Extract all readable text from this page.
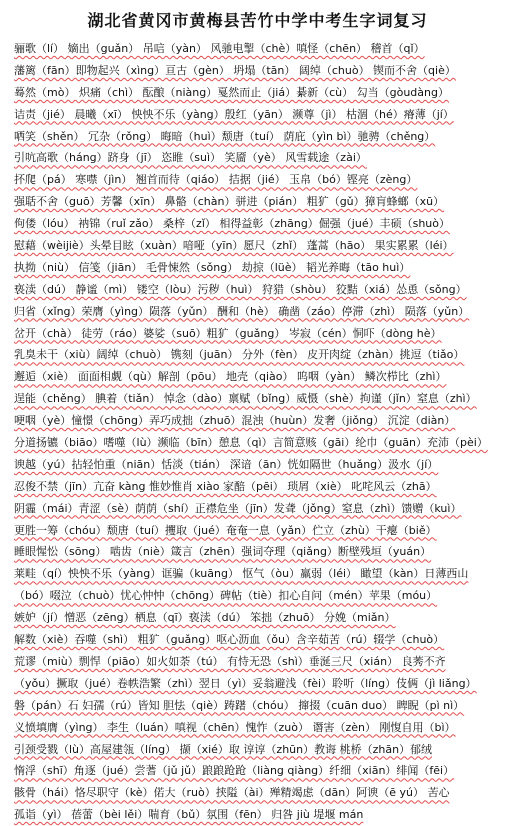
湖北省黄冈市黄梅县苦竹中学中考生字词复习
骊歌（lí） 嫡出（guǎn） 吊唁（yàn） 风驰电掣（chè）嗔怪（chēn） 稽首（qǐ）
藩篱（fān）即物起兴（xìng）亘古（gèn） 坍塌（tān） 阔绰（chuò） 锲而不舍（qiè）
蓦然（mò） 炽痛（chì） 酝酿（niàng）戛然而止（jiá）綦新（cù） 勾当（gòudàng）
诘责（jié） 晨曦（xī） 怏怏不乐（yàng）殷红（yān） 濒尊（jì） 枯涸（hé）瘠薄（jí）
哂笑（shěn） 冗杂（rǒng） 晦暗（huì）颓唐（tuí） 荫庇（yìn bì）驰骋（chěng）
引吭高歌（háng）跻身（jī） 恣睢（suì） 笑靥（yè） 风雪载途（zài）
抔爬（pá） 寒噤（jìn） 翘首而待（qiáo） 拮据（jié） 玉帛（bó）铿亮（zèng）
强聒不舍（guō）芳馨（xīn） 鼻骼（chàn）骈进（pián） 粗犷（gǔ）獐肓蜂螂（xū）
佝偻（lóu） 衲锦（ruǐ zǎo） 桑梓（zǐ） 相得益彰（zhāng）倔强（jué）丰硕（shuò）
慰藉（wèijiè）头晕目眩（xuàn）喑哑（yīn）愿尺（zhǐ） 蓬蒿（hāo） 果实累累（léi）
执拗（niù） 信笺（jiān） 毛骨悚然（sǒng） 劫掠（lüè） 韬光养晦（tāo huì）
亵渎（dú） 静谧（mì） 镂空（lòu）污秽（huì） 狩猎（shòu） 狡黠（xiá）怂恿（sǒng）
归省（xǐng）荣膺（yìng）陨落（yǔn） 酬和（hè） 确凿（záo）停滞（zhì） 陨落（yǔn）
岔开（chà） 徒劳（ráo）婆娑（suō）粗犷（guǎng） 岑寂（cén）恫吓（dòng hè）
乳臭未干（xiù）阔绰（chuò） 镌刻（juān） 分外（fèn） 皮开肉绽（zhàn）挑逗（tiǎo）
邂逅（xiè） 面面相觑（qù）解剖（pōu） 地壳（qiào） 呜咽（yàn） 鳞次栉比（zhì）
逞能（chěng） 腆着（tiǎn） 悼念（dào）禀赋（bǐng）威慑（shè）拘谨（jǐn）窒息（zhì）
哽咽（yè）憧憬（chōng）弄巧成拙（zhuō）混浊（huùn）发奢（jiǒng） 沉淀（diàn）
分道扬镳（biāo）嗜噬（lù）濒临（bīn）憩息（qì）言简意赅（gāi）纶巾（guān）充沛（pèi）
谀越（yú）拈轻怕重（niān）恬淡（tián） 深谙（ān）恍如隔世（huǎng）汲水（jí）
忍俊不禁（jīn）亢奋 kàng 惟妙惟肖 xiào 家醅（pēi） 琐屑（xiè） 叱咤风云（zhā）
阴霾（mái）青涩（sè）荫荫（shí）正襟危坐（jīn）发聋（jǒng）窒息（zhì）馈赠（kuì）
更胜一筹（chóu）颓唐（tuí）攫取（jué）奄奄一息（yǎn）伫立（zhù）干瘪（biě）
睡眼惺忪（sōng） 啮齿（niè）箴言（zhēn）强词夺理（qiǎng）断壁残垣（yuán）
莱畦（qí）怏怏不乐（yàng）诓骗（kuāng） 怄气（òu）羸弱（léi） 瞰望（kàn）日薄西山
（bó）啜泣（chuò）忧心忡忡（chōng）碑帖（tiè）扣心自问（mén）苹果（móu）
嫉妒（jí）憎恶（zēng）栖息（qī）亵渎（dú） 笨拙（zhuō） 分娩（miǎn）
解数（xiè）吞噬（shì） 粗犷（guǎng）呕心沥血（ǒu）含辛茹苦（rú）辍学（chuò）
荒谬（miù）剽悍（piāo）如火如荼（tú） 有恃无恐（shì）垂涎三尺（xián） 良莠不齐
（yǒu）撅取（jué）卷帙浩繁（zhì）翌日（yì）妥翁避浅（fèi）聆听（líng）伎俩（jì liǎng）
磐（pán）石 妇孺（rú）皆知 胆怯（qiè）踌躇（chóu） 撺掇（cuān duo） 睥睨（pì nì）
义愤填膺（yìng） 李生（luán）嗔视（chēn）愧怍（zuò） 谮害（zèn） 刚愎自用（bì）
引颈受戮（lù）高屋建瓴（líng） 撷（xié）取 谆谆（zhūn）教诲 桃桥（zhān）郁绒
惰浮（shī）角逐（jué）尝蓍（jǔ jǔ）踉踉跄跄（liàng qiàng）纤细（xiān）绯闻（fēi）
骸骨（hái）恪尽职守（kè）偌大（ruò）挟隘（ài）殚精竭虑（dān）阿谀（ē yú） 苦心
孤诣（yì） 蓓蕾（bèi lěi）喘育（bǔ）氛围（fēn） 归咎 jiù 堤堰 mán
